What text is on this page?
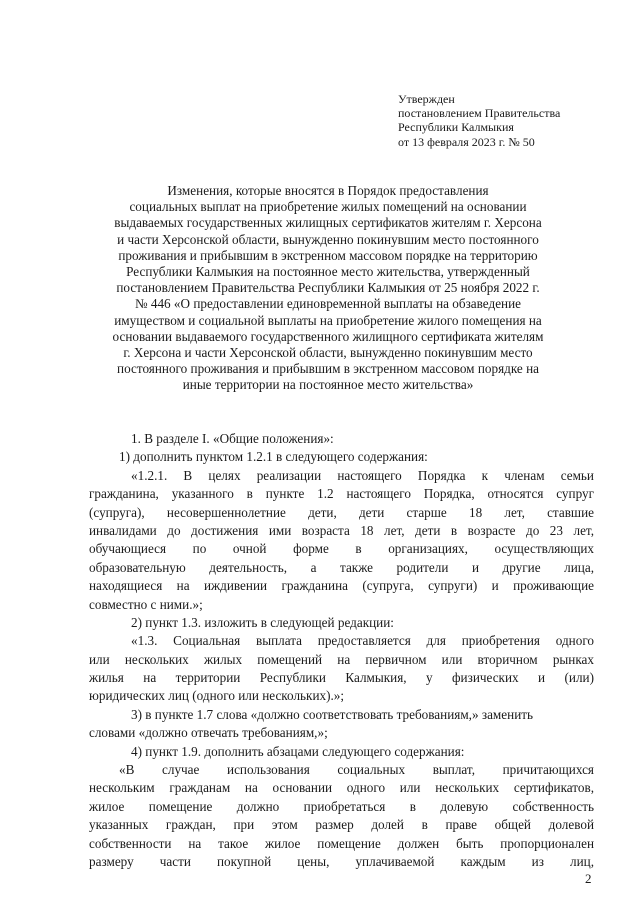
Утвержден
постановлением Правительства
Республики Калмыкия
от 13 февраля 2023 г. № 50
Изменения, которые вносятся в Порядок предоставления
социальных выплат на приобретение жилых помещений на основании
выдаваемых государственных жилищных сертификатов жителям г. Херсона
и части Херсонской области, вынужденно покинувшим место постоянного
проживания и прибывшим в экстренном массовом порядке на территорию
Республики Калмыкия на постоянное место жительства, утвержденный
постановлением Правительства Республики Калмыкия от 25 ноября 2022 г.
№ 446 «О предоставлении единовременной выплаты на обзаведение
имуществом и социальной выплаты на приобретение жилого помещения на
основании выдаваемого государственного жилищного сертификата жителям
г. Херсона и части Херсонской области, вынужденно покинувшим место
постоянного проживания и прибывшим в экстренном массовом порядке на
иные территории на постоянное место жительства»
1. В разделе I. «Общие положения»:
1) дополнить пунктом 1.2.1 в следующего содержания:
«1.2.1. В целях реализации настоящего Порядка к членам семьи
гражданина, указанного в пункте 1.2 настоящего Порядка, относятся супруг
(супруга), несовершеннолетние дети, дети старше 18 лет, ставшие
инвалидами до достижения ими возраста 18 лет, дети в возрасте до 23 лет,
обучающиеся по очной форме в организациях, осуществляющих
образовательную деятельность, а также родители и другие лица,
находящиеся на иждивении гражданина (супруга, супруги) и проживающие
совместно с ними.»;
2) пункт 1.3. изложить в следующей редакции:
«1.3. Социальная выплата предоставляется для приобретения одного
или нескольких жилых помещений на первичном или вторичном рынках
жилья на территории Республики Калмыкия, у физических и (или)
юридических лиц (одного или нескольких).»;
3) в пункте 1.7 слова «должно соответствовать требованиям,» заменить
словами «должно отвечать требованиям,»;
4) пункт 1.9. дополнить абзацами следующего содержания:
«В случае использования социальных выплат, причитающихся
нескольким гражданам на основании одного или нескольких сертификатов,
жилое помещение должно приобретаться в долевую собственность
указанных граждан, при этом размер долей в праве общей долевой
собственности на такое жилое помещение должен быть пропорционален
размеру части покупной цены, уплачиваемой каждым из лиц,
2
